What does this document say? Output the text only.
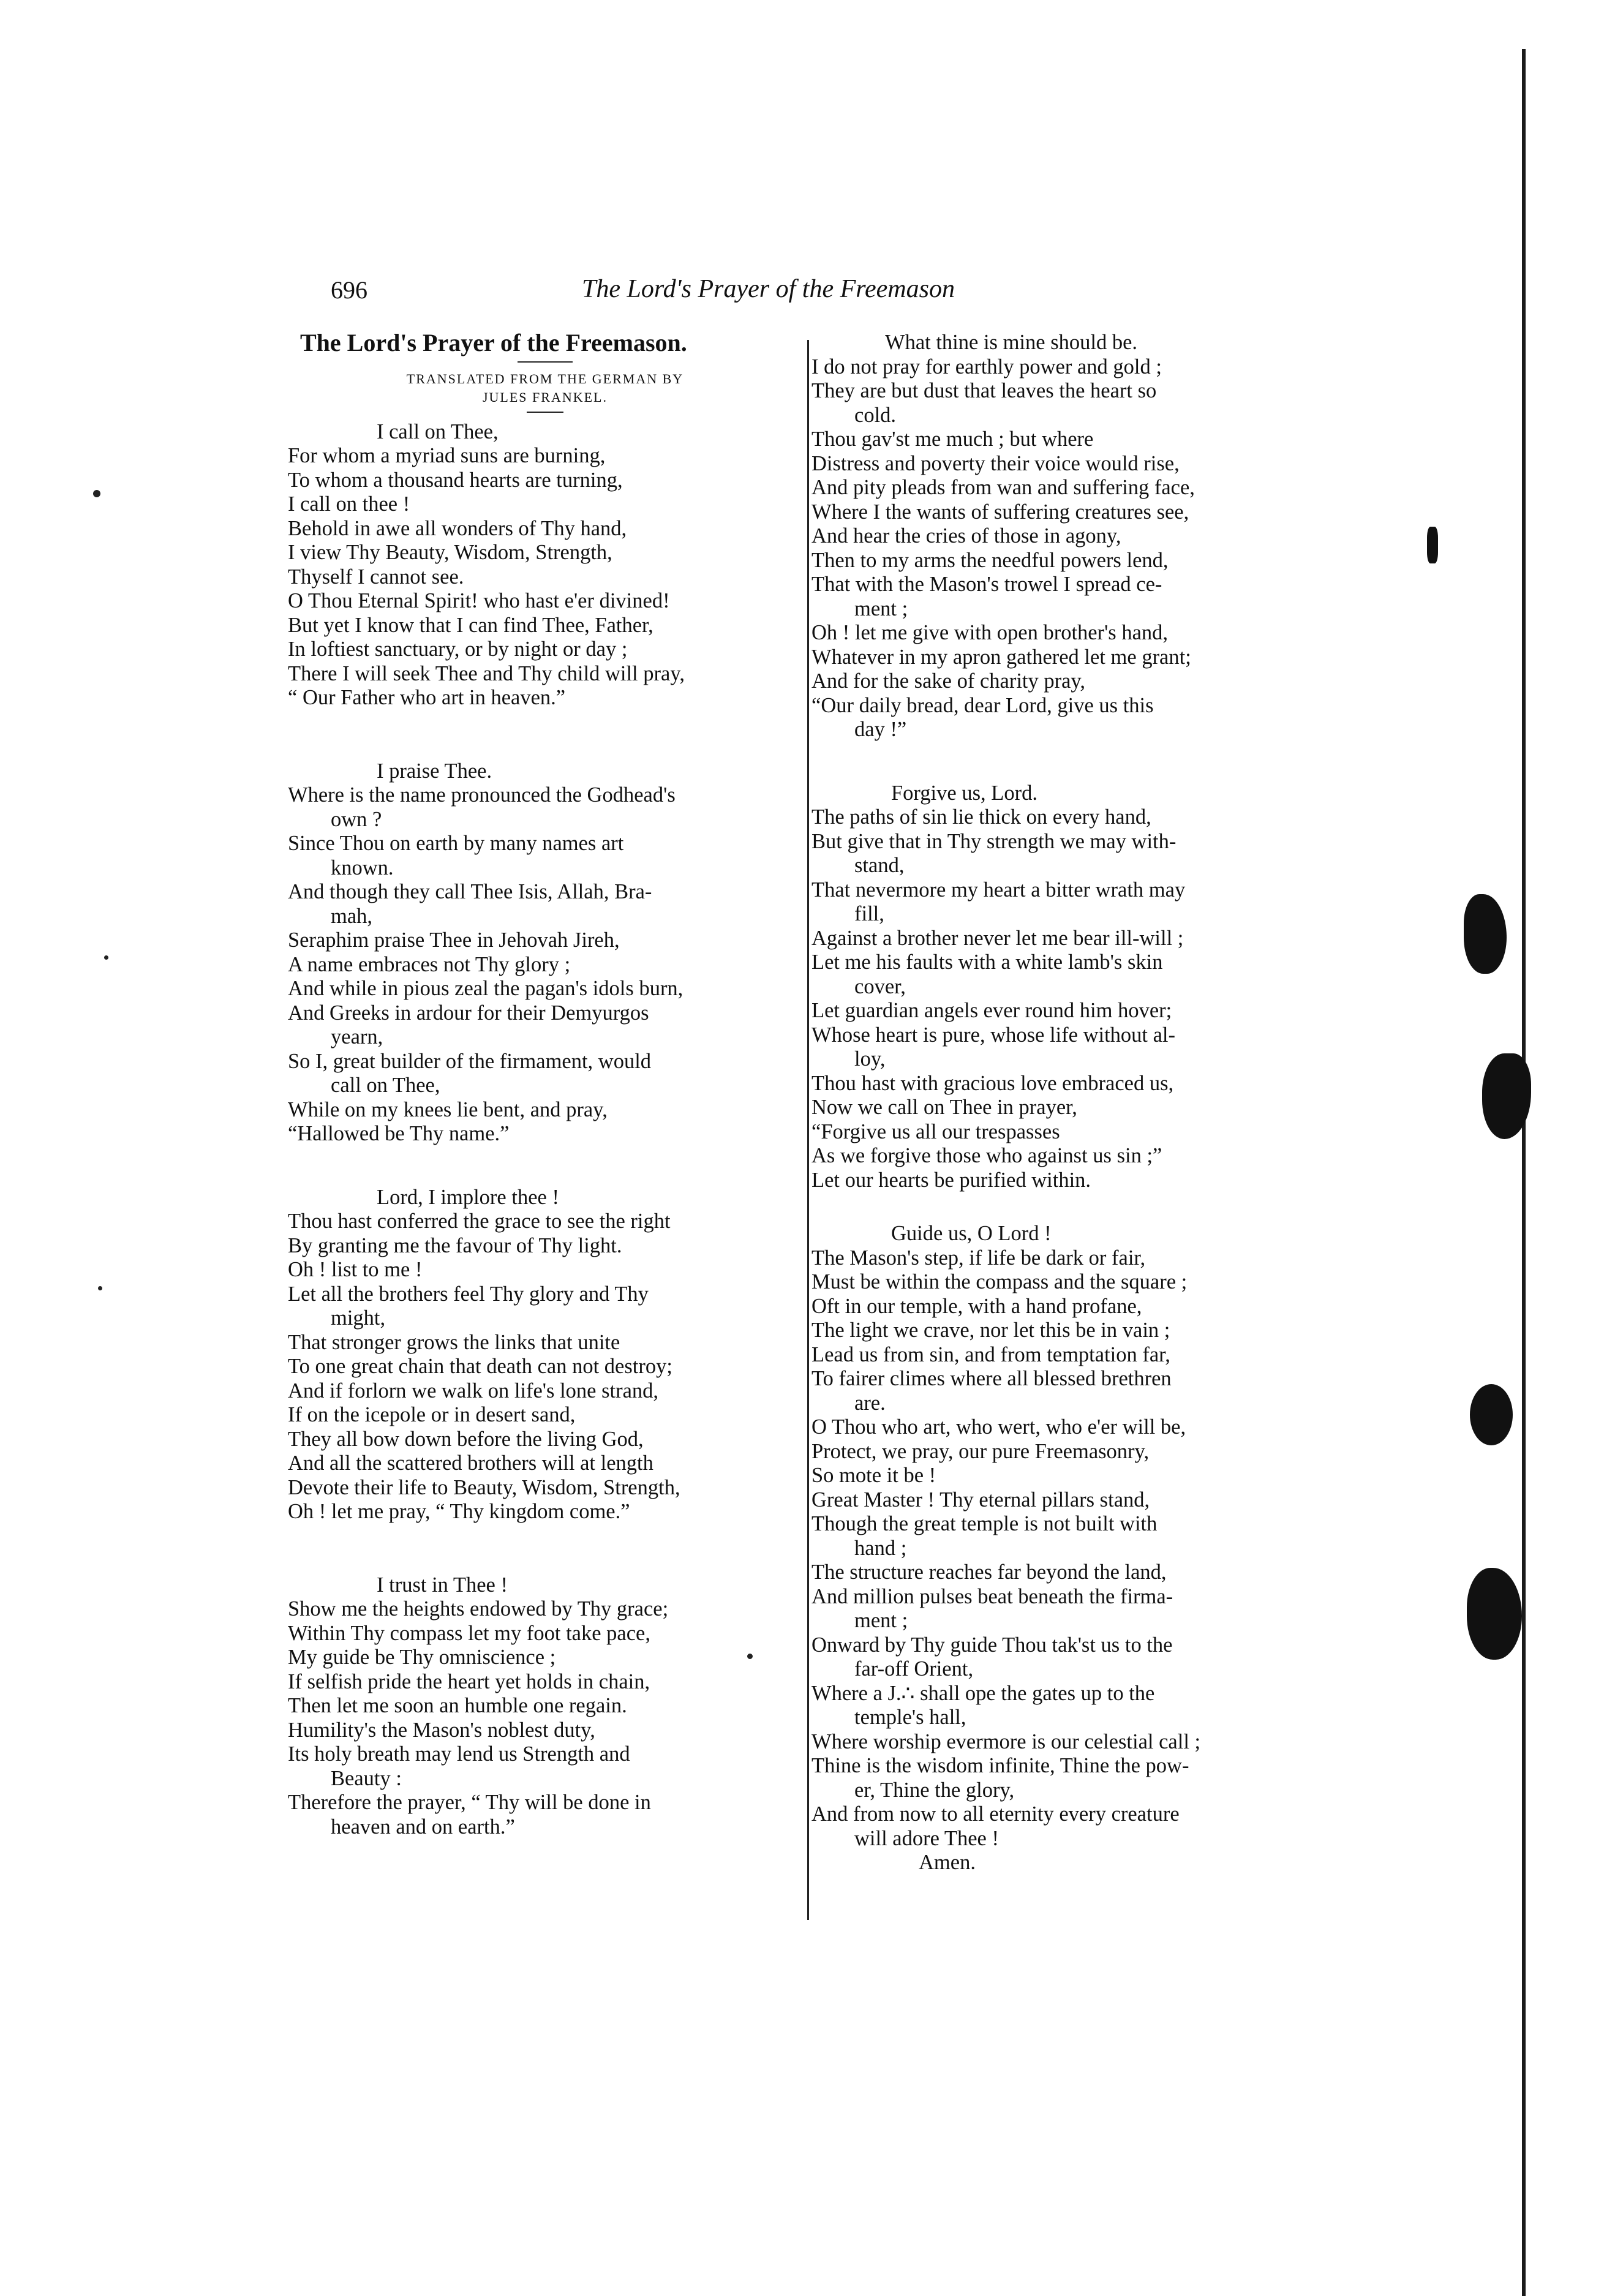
696	The Lord's Prayer of the Freemason
The Lord's Prayer of the Freemason.
TRANSLATED FROM THE GERMAN BY
JULES FRANKEL.
I call on Thee,
For whom a myriad suns are burning,
To whom a thousand hearts are turning,
I call on thee !
Behold in awe all wonders of Thy hand,
I view Thy Beauty, Wisdom, Strength,
Thyself I cannot see.
O Thou Eternal Spirit! who hast e'er divined!
But yet I know that I can find Thee, Father,
In loftiest sanctuary, or by night or day ;
There I will seek Thee and Thy child will pray,
“ Our Father who art in heaven.”
I praise Thee.
Where is the name pronounced the Godhead's
own ?
Since Thou on earth by many names art
known.
And though they call Thee Isis, Allah, Bra-
mah,
Seraphim praise Thee in Jehovah Jireh,
A name embraces not Thy glory ;
And while in pious zeal the pagan's idols burn,
And Greeks in ardour for their Demyurgos
yearn,
So I, great builder of the firmament, would
call on Thee,
While on my knees lie bent, and pray,
“Hallowed be Thy name.”
Lord, I implore thee !
Thou hast conferred the grace to see the right
By granting me the favour of Thy light.
Oh ! list to me !
Let all the brothers feel Thy glory and Thy
might,
That stronger grows the links that unite
To one great chain that death can not destroy;
And if forlorn we walk on life's lone strand,
If on the icepole or in desert sand,
They all bow down before the living God,
And all the scattered brothers will at length
Devote their life to Beauty, Wisdom, Strength,
Oh ! let me pray, “ Thy kingdom come.”
I trust in Thee !
Show me the heights endowed by Thy grace;
Within Thy compass let my foot take pace,
My guide be Thy omniscience ;
If selfish pride the heart yet holds in chain,
Then let me soon an humble one regain.
Humility's the Mason's noblest duty,
Its holy breath may lend us Strength and
Beauty :
Therefore the prayer, “ Thy will be done in
heaven and on earth.”
What thine is mine should be.
I do not pray for earthly power and gold ;
They are but dust that leaves the heart so
cold.
Thou gav'st me much ; but where
Distress and poverty their voice would rise,
And pity pleads from wan and suffering face,
Where I the wants of suffering creatures see,
And hear the cries of those in agony,
Then to my arms the needful powers lend,
That with the Mason's trowel I spread ce-
ment ;
Oh ! let me give with open brother's hand,
Whatever in my apron gathered let me grant;
And for the sake of charity pray,
“Our daily bread, dear Lord, give us this
day !”
Forgive us, Lord.
The paths of sin lie thick on every hand,
But give that in Thy strength we may with-
stand,
That nevermore my heart a bitter wrath may
fill,
Against a brother never let me bear ill-will ;
Let me his faults with a white lamb's skin
cover,
Let guardian angels ever round him hover;
Whose heart is pure, whose life without al-
loy,
Thou hast with gracious love embraced us,
Now we call on Thee in prayer,
“Forgive us all our trespasses
As we forgive those who against us sin ;”
Let our hearts be purified within.
Guide us, O Lord !
The Mason's step, if life be dark or fair,
Must be within the compass and the square ;
Oft in our temple, with a hand profane,
The light we crave, nor let this be in vain ;
Lead us from sin, and from temptation far,
To fairer climes where all blessed brethren
are.
O Thou who art, who wert, who e'er will be,
Protect, we pray, our pure Freemasonry,
So mote it be !
Great Master ! Thy eternal pillars stand,
Though the great temple is not built with
hand ;
The structure reaches far beyond the land,
And million pulses beat beneath the firma-
ment ;
Onward by Thy guide Thou tak'st us to the
far-off Orient,
Where a J.∴ shall ope the gates up to the
temple's hall,
Where worship evermore is our celestial call ;
Thine is the wisdom infinite, Thine the pow-
er, Thine the glory,
And from now to all eternity every creature
will adore Thee !
Amen.
